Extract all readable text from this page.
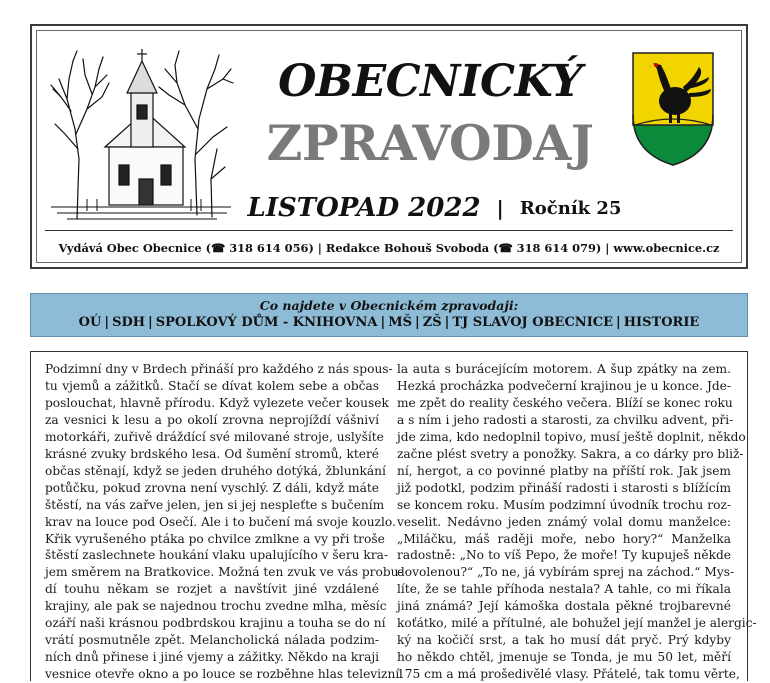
OBECNICKÝ
ZPRAVODAJ
LISTOPAD 2022 | Ročník 25
Vydává Obec Obecnice (☎ 318 614 056) | Redakce Bohouš Svoboda (☎ 318 614 079) | www.obecnice.cz
Co najdete v Obecnickém zpravodaji:
OÚ | SDH | SPOLKOVÝ DŮM - KNIHOVNA | MŠ | ZŠ | TJ SLAVOJ OBECNICE | HISTORIE
Podzimní dny v Brdech přináší pro každého z nás spous-
tu vjemů a zážitků. Stačí se dívat kolem sebe a občas
poslouchat, hlavně přírodu. Když vylezete večer kousek
za vesnici k lesu a po okolí zrovna neprojíždí vášniví
motorkáři, zuřivě dráždící své milované stroje, uslyšíte
krásné zvuky brdského lesa. Od šumění stromů, které
občas stěnají, když se jeden druhého dotýká, žblunkání
potůčku, pokud zrovna není vyschlý. Z dáli, když máte
štěstí, na vás zařve jelen, jen si jej nespleťte s bučením
krav na louce pod Osečí. Ale i to bučení má svoje kouzlo.
Křik vyrušeného ptáka po chvilce zmlkne a vy při troše
štěstí zaslechnete houkání vlaku upalujícího v šeru kra-
jem směrem na Bratkovice. Možná ten zvuk ve vás probu-
dí touhu někam se rozjet a navštívit jiné vzdálené
krajiny, ale pak se najednou trochu zvedne mlha, měsíc
ozáří naši krásnou podbrdskou krajinu a touha se do ní
vrátí posmutněle zpět. Melancholická nálada podzim-
ních dnů přinese i jiné vjemy a zážitky. Někdo na kraji
vesnice otevře okno a po louce se rozběhne hlas televizní
la auta s burácejícím motorem. A šup zpátky na zem.
Hezká procházka podvečerní krajinou je u konce. Jde-
me zpět do reality českého večera. Blíží se konec roku
a s ním i jeho radosti a starosti, za chvilku advent, při-
jde zima, kdo nedoplnil topivo, musí ještě doplnit, někdo
začne plést svetry a ponožky. Sakra, a co dárky pro bliž-
ní, hergot, a co povinné platby na příští rok. Jak jsem
již podotkl, podzim přináší radosti i starosti s blížícím
se koncem roku. Musím podzimní úvodník trochu roz-
veselit. Nedávno jeden známý volal domu manželce:
„Miláčku, máš raději moře, nebo hory?“ Manželka
radostně: „No to víš Pepo, že moře! Ty kupuješ někde
dovolenou?“ „To ne, já vybírám sprej na záchod.“ Mys-
líte, že se tahle příhoda nestala? A tahle, co mi říkala
jiná známá? Její kámoška dostala pěkné trojbarevné
koťátko, milé a přítulné, ale bohužel její manžel je alergic-
ký na kočičí srst, a tak ho musí dát pryč. Prý kdyby
ho někdo chtěl, jmenuje se Tonda, je mu 50 let, měří
175 cm a má prošedivělé vlasy. Přátelé, tak tomu věrte,
